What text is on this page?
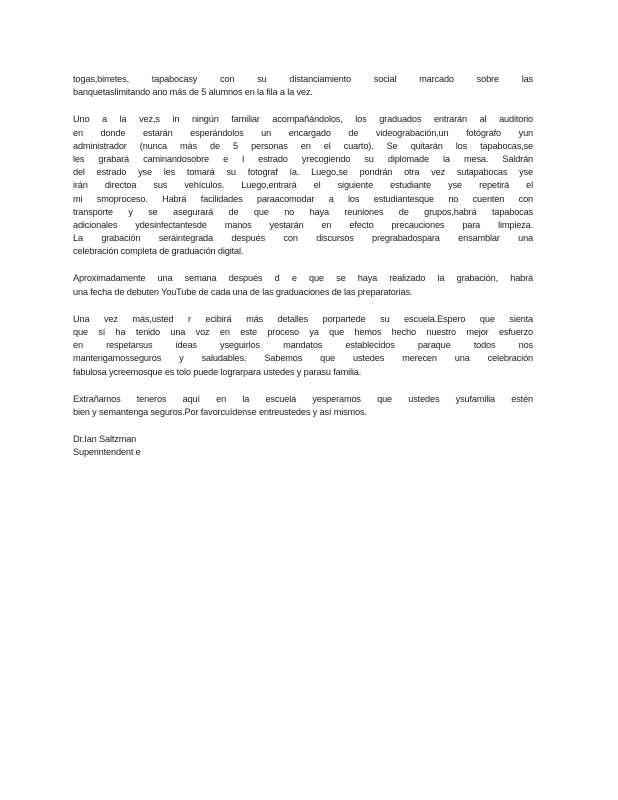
togas,birretes, tapabocasy con su distanciamiento social marcado sobre las
banquetaslimitando ano más de 5 alumnos en la fila a la vez.
Uno a la vez,s in ningún familiar acompañándolos, los graduados entrarán al auditorio
en donde estarán esperándolos un encargado de videograbación,un fotógrafo yun
administrador (nunca más de 5 personas en el cuarto). Se quitarán los tapabocas,se
les grabará caminandosobre e l estrado yrecogiendo su diplomade la mesa. Saldrán
del estrado yse les tomará su fotograf ía. Luego,se pondrán otra vez sutapabocas yse
irán directoa sus vehículos. Luego,entrará el siguiente estudiante yse repetirá el
mi smoproceso. Habrá facilidades paraacomodar a los estudiantesque no cuenten con
transporte y se asegurará de que no haya reuniones de grupos,habrá tapabocas
adicionales ydesinfectantesde manos yestarán en efecto precauciones para limpieza.
La grabación seráintegrada después con discursos pregrabadospara ensamblar una
celebración completa de graduación digital.
Aproximadamente una semana después d e que se haya realizado la grabación, habrá
una fecha de debuten YouTube de cada una de las graduaciones de las preparatorias.
Una vez más,usted r ecibirá más detalles porpartede su escuela.Espero que sienta
que sí ha tenido una voz en este proceso ya que hemos hecho nuestro mejor esfuerzo
en respetarsus ideas yseguirlos mandatos establecidos paraque todos nos
mantengamosseguros y saludables. Sabemos que ustedes merecen una celebración
fabulosa ycreemosque es tolo puede lograrpara ustedes y parasu familia.
Extrañamos teneros aquí en la escuela yesperamos que ustedes ysufamilia estén
bien y semantenga seguros.Por favorcuídense entreustedes y así mismos.
Dr.Ian Saltzman
Superintendent e
